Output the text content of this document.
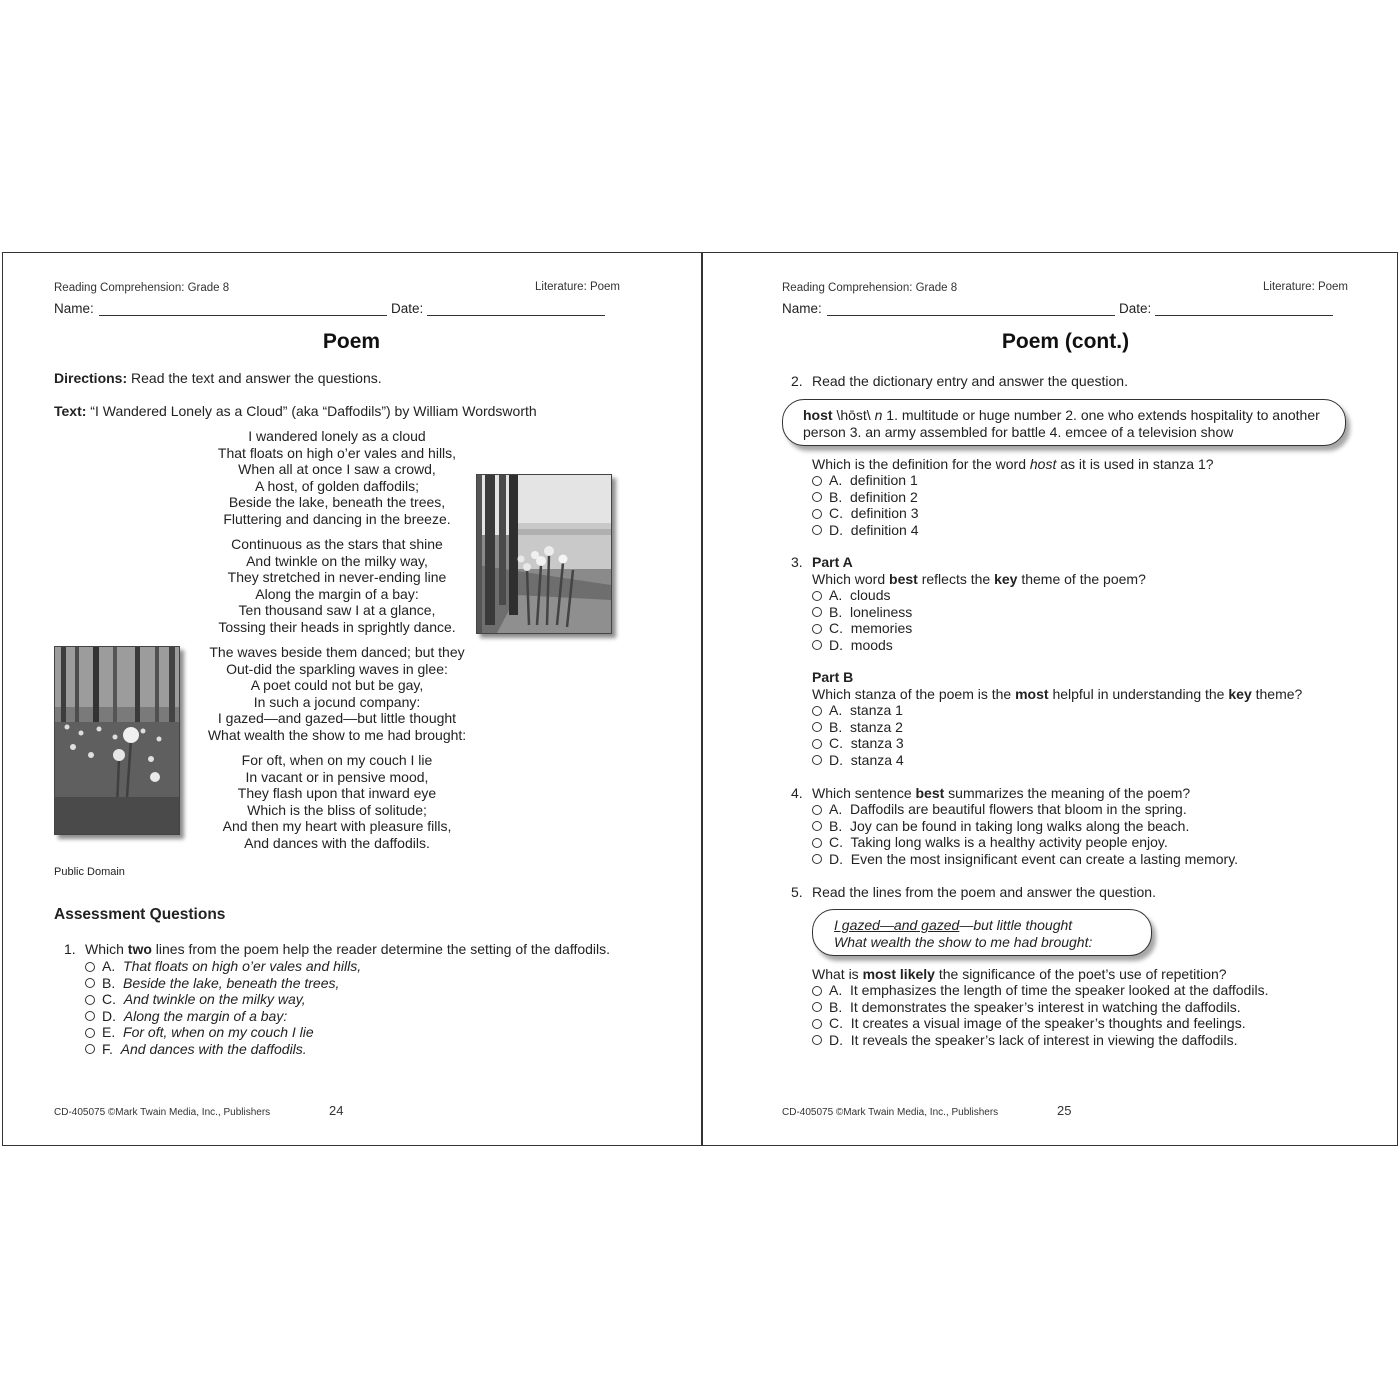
Reading Comprehension: Grade 8	Literature: Poem
Name:	Date:
Poem
Directions: Read the text and answer the questions.
Text: “I Wandered Lonely as a Cloud” (aka “Daffodils”) by William Wordsworth
I wandered lonely as a cloud
That floats on high o’er vales and hills,
When all at once I saw a crowd,
A host, of golden daffodils;
Beside the lake, beneath the trees,
Fluttering and dancing in the breeze.
Continuous as the stars that shine
And twinkle on the milky way,
They stretched in never-ending line
Along the margin of a bay:
Ten thousand saw I at a glance,
Tossing their heads in sprightly dance.
The waves beside them danced; but they
Out-did the sparkling waves in glee:
A poet could not but be gay,
In such a jocund company:
I gazed—and gazed—but little thought
What wealth the show to me had brought:
For oft, when on my couch I lie
In vacant or in pensive mood,
They flash upon that inward eye
Which is the bliss of solitude;
And then my heart with pleasure fills,
And dances with the daffodils.
Public Domain
Assessment Questions
1. Which two lines from the poem help the reader determine the setting of the daffodils.
A. That floats on high o’er vales and hills,
B. Beside the lake, beneath the trees,
C. And twinkle on the milky way,
D. Along the margin of a bay:
E. For oft, when on my couch I lie
F. And dances with the daffodils.
CD-405075 ©Mark Twain Media, Inc., Publishers	24
Reading Comprehension: Grade 8	Literature: Poem
Name:	Date:
Poem (cont.)
2. Read the dictionary entry and answer the question.
host \hōst\ n 1. multitude or huge number 2. one who extends hospitality to another
person 3. an army assembled for battle 4. emcee of a television show
Which is the definition for the word host as it is used in stanza 1?
A. definition 1
B. definition 2
C. definition 3
D. definition 4
3. Part A
Which word best reflects the key theme of the poem?
A. clouds
B. loneliness
C. memories
D. moods
Part B
Which stanza of the poem is the most helpful in understanding the key theme?
A. stanza 1
B. stanza 2
C. stanza 3
D. stanza 4
4. Which sentence best summarizes the meaning of the poem?
A. Daffodils are beautiful flowers that bloom in the spring.
B. Joy can be found in taking long walks along the beach.
C. Taking long walks is a healthy activity people enjoy.
D. Even the most insignificant event can create a lasting memory.
5. Read the lines from the poem and answer the question.
I gazed—and gazed—but little thought
What wealth the show to me had brought:
What is most likely the significance of the poet’s use of repetition?
A. It emphasizes the length of time the speaker looked at the daffodils.
B. It demonstrates the speaker’s interest in watching the daffodils.
C. It creates a visual image of the speaker’s thoughts and feelings.
D. It reveals the speaker’s lack of interest in viewing the daffodils.
CD-405075 ©Mark Twain Media, Inc., Publishers	25
